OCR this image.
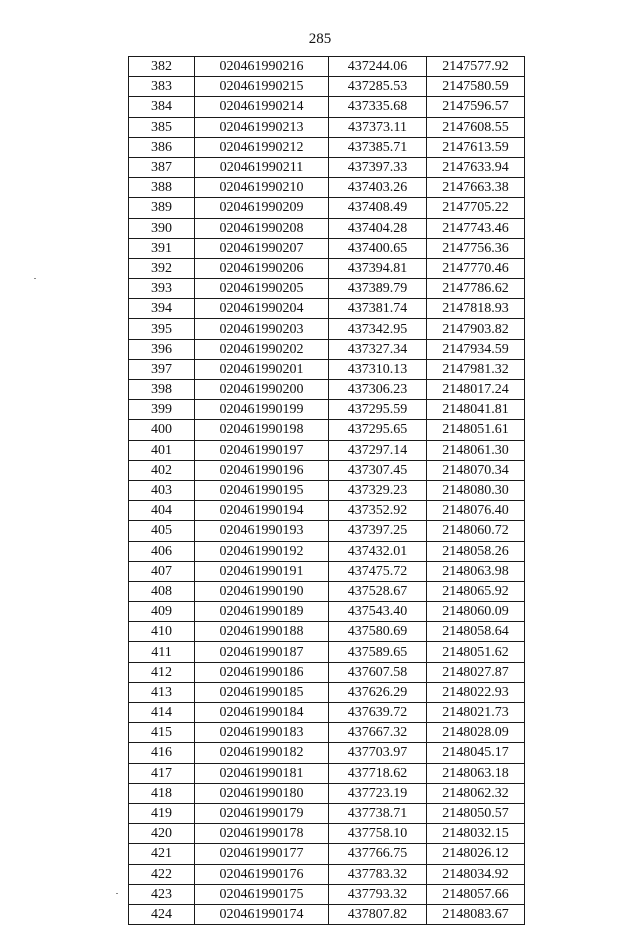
285
382	020461990216	437244.06	2147577.92
383	020461990215	437285.53	2147580.59
384	020461990214	437335.68	2147596.57
385	020461990213	437373.11	2147608.55
386	020461990212	437385.71	2147613.59
387	020461990211	437397.33	2147633.94
388	020461990210	437403.26	2147663.38
389	020461990209	437408.49	2147705.22
390	020461990208	437404.28	2147743.46
391	020461990207	437400.65	2147756.36
392	020461990206	437394.81	2147770.46
393	020461990205	437389.79	2147786.62
394	020461990204	437381.74	2147818.93
395	020461990203	437342.95	2147903.82
396	020461990202	437327.34	2147934.59
397	020461990201	437310.13	2147981.32
398	020461990200	437306.23	2148017.24
399	020461990199	437295.59	2148041.81
400	020461990198	437295.65	2148051.61
401	020461990197	437297.14	2148061.30
402	020461990196	437307.45	2148070.34
403	020461990195	437329.23	2148080.30
404	020461990194	437352.92	2148076.40
405	020461990193	437397.25	2148060.72
406	020461990192	437432.01	2148058.26
407	020461990191	437475.72	2148063.98
408	020461990190	437528.67	2148065.92
409	020461990189	437543.40	2148060.09
410	020461990188	437580.69	2148058.64
411	020461990187	437589.65	2148051.62
412	020461990186	437607.58	2148027.87
413	020461990185	437626.29	2148022.93
414	020461990184	437639.72	2148021.73
415	020461990183	437667.32	2148028.09
416	020461990182	437703.97	2148045.17
417	020461990181	437718.62	2148063.18
418	020461990180	437723.19	2148062.32
419	020461990179	437738.71	2148050.57
420	020461990178	437758.10	2148032.15
421	020461990177	437766.75	2148026.12
422	020461990176	437783.32	2148034.92
423	020461990175	437793.32	2148057.66
424	020461990174	437807.82	2148083.67
